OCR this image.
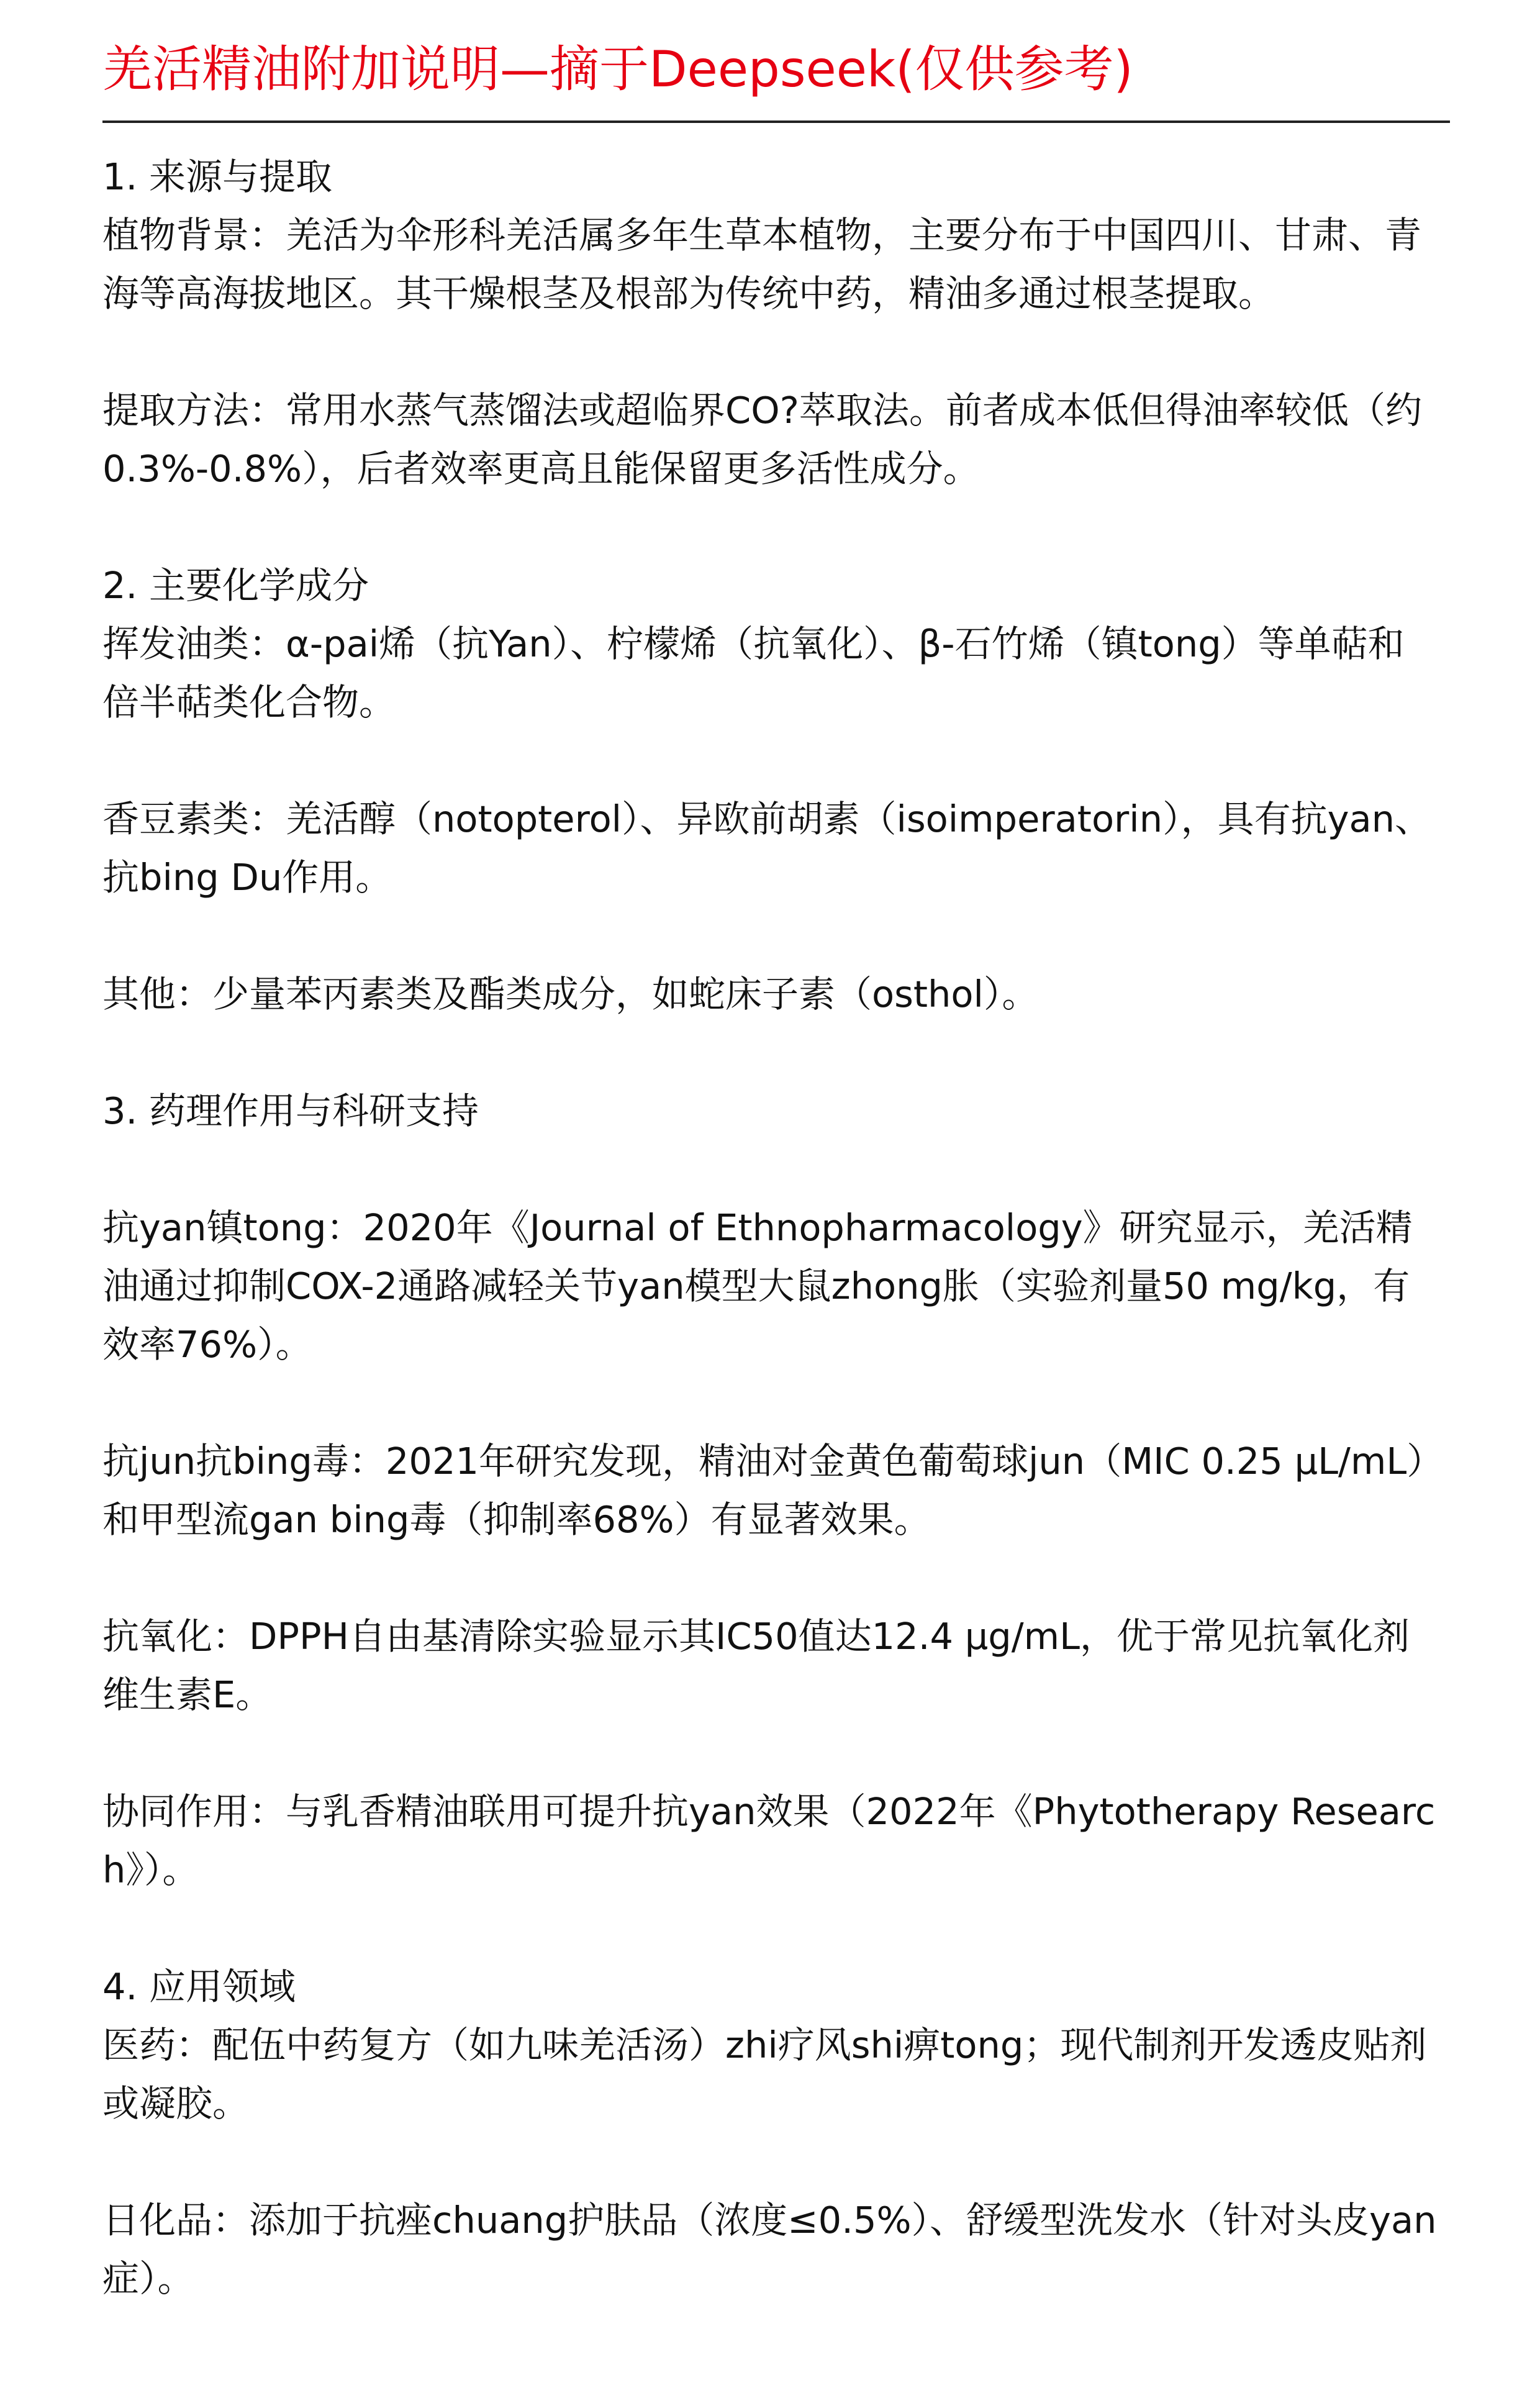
羌活精油附加说明—摘于Deepseek(仅供参考)
1. 来源与提取
植物背景：羌活为伞形科羌活属多年生草本植物，主要分布于中国四川、甘肃、青海等高海拔地区。其干燥根茎及根部为传统中药，精油多通过根茎提取。
提取方法：常用水蒸气蒸馏法或超临界CO?萃取法。前者成本低但得油率较低（约0.3%-0.8%），后者效率更高且能保留更多活性成分。
2. 主要化学成分
挥发油类：α-pai烯（抗Yan）、柠檬烯（抗氧化）、β-石竹烯（镇tong）等单萜和倍半萜类化合物。
香豆素类：羌活醇（notopterol）、异欧前胡素（isoimperatorin），具有抗yan、抗bing Du作用。
其他：少量苯丙素类及酯类成分，如蛇床子素（osthol）。
3. 药理作用与科研支持
抗yan镇tong：2020年《Journal of Ethnopharmacology》研究显示，羌活精油通过抑制COX-2通路减轻关节yan模型大鼠zhong胀（实验剂量50 mg/kg，有效率76%）。
抗jun抗bing毒：2021年研究发现，精油对金黄色葡萄球jun（MIC 0.25 μL/mL）和甲型流gan bing毒（抑制率68%）有显著效果。
抗氧化：DPPH自由基清除实验显示其IC50值达12.4 μg/mL，优于常见抗氧化剂维生素E。
协同作用：与乳香精油联用可提升抗yan效果（2022年《Phytotherapy Research》）。
4. 应用领域
医药：配伍中药复方（如九味羌活汤）zhi疗风shi痹tong；现代制剂开发透皮贴剂或凝胶。
日化品：添加于抗痤chuang护肤品（浓度≤0.5%）、舒缓型洗发水（针对头皮yan症）。
